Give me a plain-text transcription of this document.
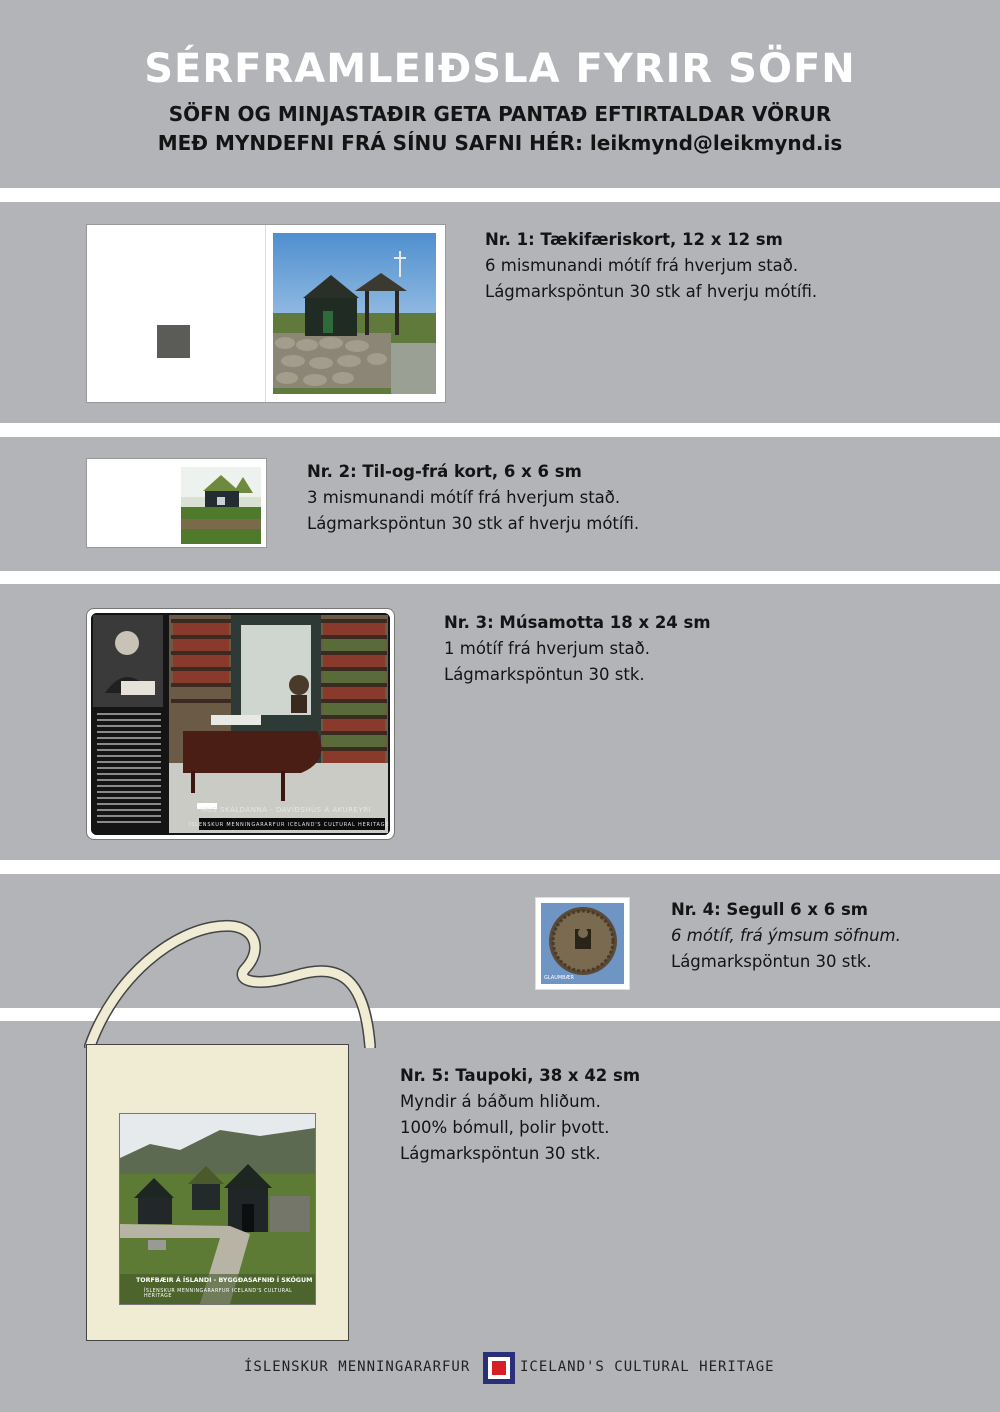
SÉRFRAMLEIÐSLA FYRIR SÖFN
SÖFN OG MINJASTAÐIR GETA PANTAÐ EFTIRTALDAR VÖRUR
MEÐ MYNDEFNI FRÁ SÍNU SAFNI HÉR: leikmynd@leikmynd.is

Nr. 1: Tækifæriskort, 12 x 12 sm
6 mismunandi mótíf frá hverjum stað.
Lágmarkspöntun 30 stk af hverju mótífi.
Nr. 2: Til-og-frá kort, 6 x 6 sm
3 mismunandi mótíf frá hverjum stað.
Lágmarkspöntun 30 stk af hverju mótífi.
HÚS SKÁLDANNA - DAVÍÐSHÚS Á AKUREYRI
ÍSLENSKUR MENNINGARARFUR ICELAND'S CULTURAL HERITAGE
Nr. 3: Músamotta 18 x 24 sm
1 mótíf frá hverjum stað.
Lágmarkspöntun 30 stk.
GLAUMBÆR
Nr. 4: Segull 6 x 6 sm
6 mótíf, frá ýmsum söfnum.
Lágmarkspöntun 30 stk.
TORFBÆIR Á ÍSLANDI - BYGGÐASAFNIÐ Í SKÓGUM
ÍSLENSKUR MENNINGARARFUR ICELAND'S CULTURAL HERITAGE
Nr. 5: Taupoki, 38 x 42 sm
Myndir á báðum hliðum.
100% bómull, þolir þvott.
Lágmarkspöntun 30 stk.
ÍSLENSKUR MENNINGARARFUR	ICELAND'S CULTURAL HERITAGE
